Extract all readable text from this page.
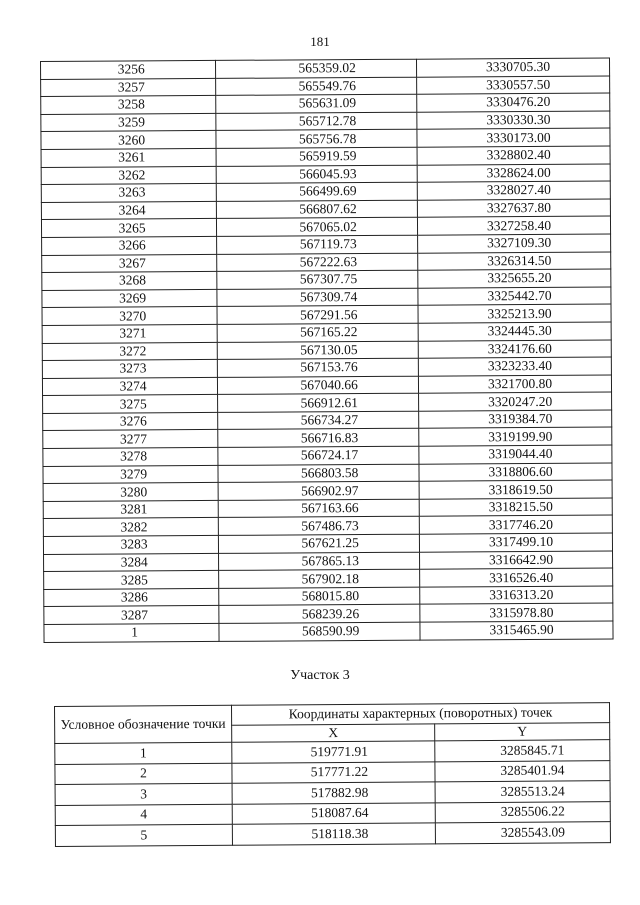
181
3256	565359.02	3330705.30
3257	565549.76	3330557.50
3258	565631.09	3330476.20
3259	565712.78	3330330.30
3260	565756.78	3330173.00
3261	565919.59	3328802.40
3262	566045.93	3328624.00
3263	566499.69	3328027.40
3264	566807.62	3327637.80
3265	567065.02	3327258.40
3266	567119.73	3327109.30
3267	567222.63	3326314.50
3268	567307.75	3325655.20
3269	567309.74	3325442.70
3270	567291.56	3325213.90
3271	567165.22	3324445.30
3272	567130.05	3324176.60
3273	567153.76	3323233.40
3274	567040.66	3321700.80
3275	566912.61	3320247.20
3276	566734.27	3319384.70
3277	566716.83	3319199.90
3278	566724.17	3319044.40
3279	566803.58	3318806.60
3280	566902.97	3318619.50
3281	567163.66	3318215.50
3282	567486.73	3317746.20
3283	567621.25	3317499.10
3284	567865.13	3316642.90
3285	567902.18	3316526.40
3286	568015.80	3316313.20
3287	568239.26	3315978.80
1	568590.99	3315465.90
Участок 3
Условное обозначение точки	Координаты характерных (поворотных) точек	
	X	Y
1	519771.91	3285845.71
2	517771.22	3285401.94
3	517882.98	3285513.24
4	518087.64	3285506.22
5	518118.38	3285543.09
